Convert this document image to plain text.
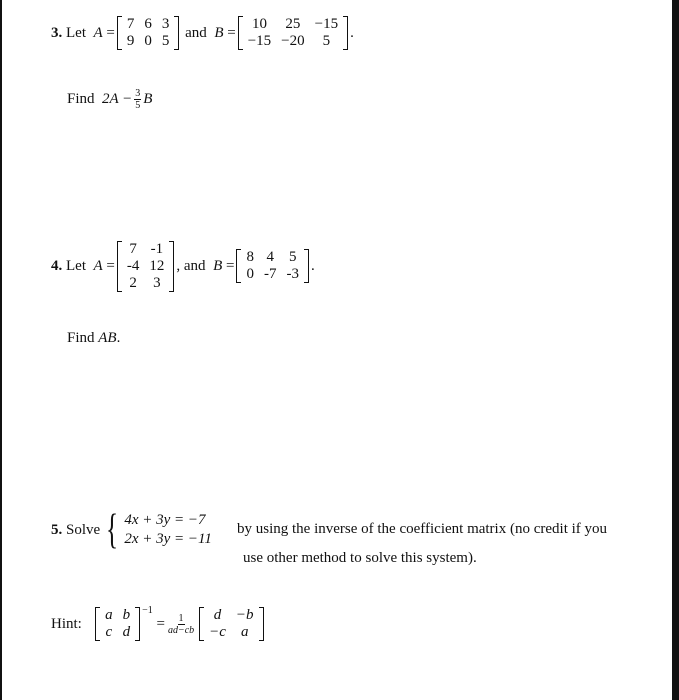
3.
Let
A
=
7	6	3
9	0	5

and
B
=
10	25	−15
−15	−20	5
.
Find
$2A - \frac{3}{5}$ B
4.
Let
A
=
7	-1
-4	12
2	3
,
and
B
=
8	4	5
0	-7	-3
.
Find
AB .
5.
Solve { 4x + 3y = −7
2x + 3y = −11
by using the inverse of the coefficient matrix (no credit if you
use other method to solve this system).
Hint:

a	b
c	d
$^{-1}$

= $\frac{1}{ad-cb}$ d	−b
−c	a
